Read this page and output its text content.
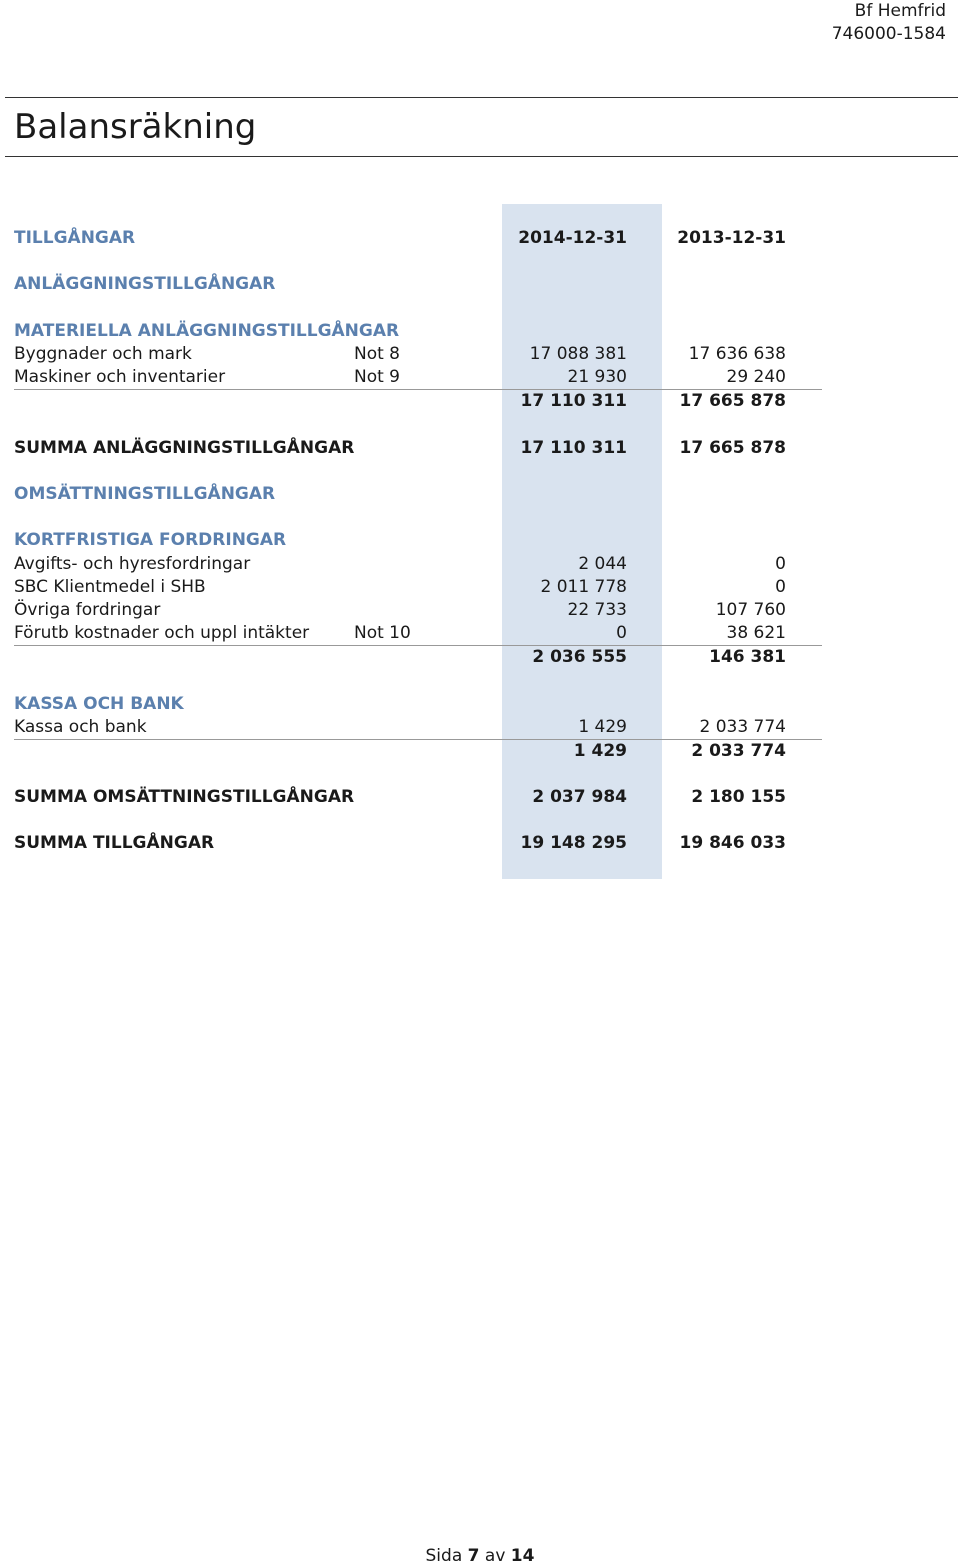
Bf Hemfrid
746000-1584
Balansräkning
TILLGÅNGAR	2014-12-31	2013-12-31
ANLÄGGNINGSTILLGÅNGAR
MATERIELLA ANLÄGGNINGSTILLGÅNGAR
Byggnader och mark	Not 8	17 088 381	17 636 638
Maskiner och inventarier	Not 9	21 930	29 240
17 110 311	17 665 878
SUMMA ANLÄGGNINGSTILLGÅNGAR	17 110 311	17 665 878
OMSÄTTNINGSTILLGÅNGAR
KORTFRISTIGA FORDRINGAR
Avgifts- och hyresfordringar	2 044	0
SBC Klientmedel i SHB	2 011 778	0
Övriga fordringar	22 733	107 760
Förutb kostnader och uppl intäkter	Not 10	0	38 621
2 036 555	146 381
KASSA OCH BANK
Kassa och bank	1 429	2 033 774
1 429	2 033 774
SUMMA OMSÄTTNINGSTILLGÅNGAR	2 037 984	2 180 155
SUMMA TILLGÅNGAR	19 148 295	19 846 033
Sida 7 av 14
